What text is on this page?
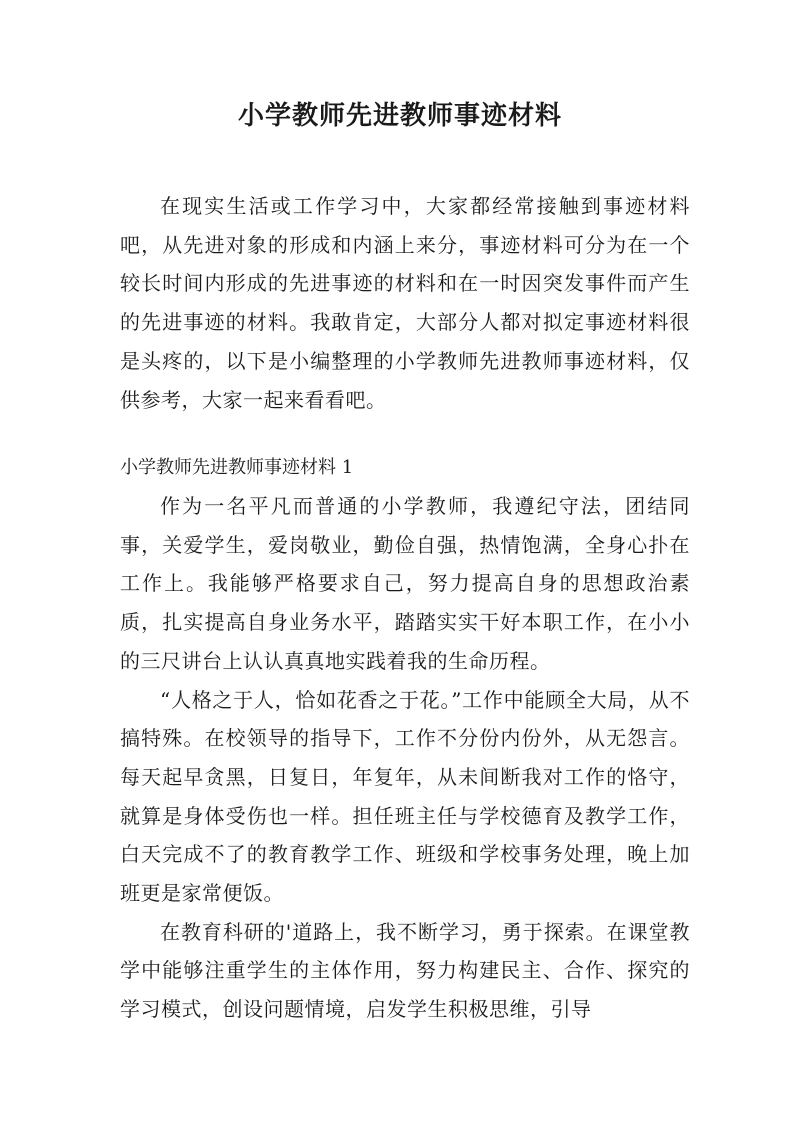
小学教师先进教师事迹材料

在现实生活或工作学习中，大家都经常接触到事迹材料吧，从先进对象的形成和内涵上来分，事迹材料可分为在一个较长时间内形成的先进事迹的材料和在一时因突发事件而产生的先进事迹的材料。我敢肯定，大部分人都对拟定事迹材料很是头疼的，以下是小编整理的小学教师先进教师事迹材料，仅供参考，大家一起来看看吧。

小学教师先进教师事迹材料 1

作为一名平凡而普通的小学教师，我遵纪守法，团结同事，关爱学生，爱岗敬业，勤俭自强，热情饱满，全身心扑在工作上。我能够严格要求自己，努力提高自身的思想政治素质，扎实提高自身业务水平，踏踏实实干好本职工作，在小小的三尺讲台上认认真真地实践着我的生命历程。

“人格之于人，恰如花香之于花。”工作中能顾全大局，从不搞特殊。在校领导的指导下，工作不分份内份外，从无怨言。每天起早贪黑，日复日，年复年，从未间断我对工作的恪守，就算是身体受伤也一样。担任班主任与学校德育及教学工作，白天完成不了的教育教学工作、班级和学校事务处理，晚上加班更是家常便饭。

在教育科研的'道路上，我不断学习，勇于探索。在课堂教学中能够注重学生的主体作用，努力构建民主、合作、探究的学习模式，创设问题情境，启发学生积极思维，引导
